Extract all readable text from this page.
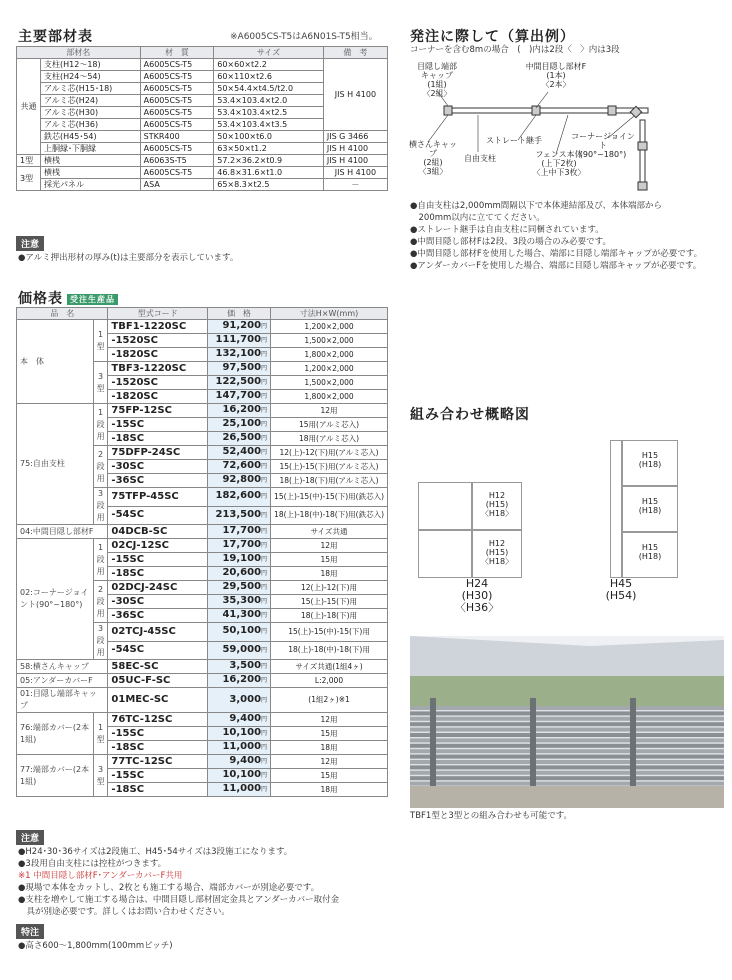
主要部材表	※A6005CS-T5はA6N01S-T5相当。
部材名		材　質	サイズ	備　考
共通	支柱(H12～18)	A6005CS-T5	60×60×t2.2	JIS H 4100
	支柱(H24～54)	A6005CS-T5	60×110×t2.6	
	アルミ芯(H15･18)	A6005CS-T5	50×54.4×t4.5/t2.0	
	アルミ芯(H24)	A6005CS-T5	53.4×103.4×t2.0	
	アルミ芯(H30)	A6005CS-T5	53.4×103.4×t2.5	
	アルミ芯(H36)	A6005CS-T5	53.4×103.4×t3.5	
	鉄芯(H45･54)	STKR400	50×100×t6.0	JIS G 3466
	上胴縁･下胴縁	A6005CS-T5	63×50×t1.2	JIS H 4100
1型	横桟	A6063S-T5	57.2×36.2×t0.9	JIS H 4100
3型	横桟	A6005CS-T5	46.8×31.6×t1.0	JIS H 4100
	採光パネル	ASA	65×8.3×t2.5	－
注意
●アルミ押出形材の厚み(t)は主要部分を表示しています。
価格表 受注生産品
品　名		型式コード	価　格	寸法H×W(mm)
本　体	1型	TBF1-1220SC	91,200円	1,200×2,000
		-1520SC	111,700円	1,500×2,000
		-1820SC	132,100円	1,800×2,000
	3型	TBF3-1220SC	97,500円	1,200×2,000
		-1520SC	122,500円	1,500×2,000
		-1820SC	147,700円	1,800×2,000
75:自由支柱	1段用	75FP-12SC	16,200円	12用
		-15SC	25,100円	15用(アルミ芯入)
		-18SC	26,500円	18用(アルミ芯入)
	2段用	75DFP-24SC	52,400円	12(上)-12(下)用(アルミ芯入)
		-30SC	72,600円	15(上)-15(下)用(アルミ芯入)
		-36SC	92,800円	18(上)-18(下)用(アルミ芯入)
	3段用	75TFP-45SC	182,600円	15(上)-15(中)-15(下)用(鉄芯入)
		-54SC	213,500円	18(上)-18(中)-18(下)用(鉄芯入)
04:中間目隠し部材F		04DCB-SC	17,700円	サイズ共通
02:コーナージョイント(90°~180°)	1段用	02CJ-12SC	17,700円	12用
		-15SC	19,100円	15用
		-18SC	20,600円	18用
	2段用	02DCJ-24SC	29,500円	12(上)-12(下)用
		-30SC	35,300円	15(上)-15(下)用
		-36SC	41,300円	18(上)-18(下)用
	3段用	02TCJ-45SC	50,100円	15(上)-15(中)-15(下)用
		-54SC	59,000円	18(上)-18(中)-18(下)用
58:横さんキャップ		58EC-SC	3,500円	サイズ共通(1組4ヶ)
05:アンダーカバーF		05UC-F-SC	16,200円	L:2,000
01:目隠し端部キャップ		01MEC-SC	3,000円	(1組2ヶ)※1
76:端部カバー(2本1組)	1型	76TC-12SC	9,400円	12用
		-15SC	10,100円	15用
		-18SC	11,000円	18用
77:端部カバー(2本1組)	3型	77TC-12SC	9,400円	12用
		-15SC	10,100円	15用
		-18SC	11,000円	18用
注意
●H24･30･36サイズは2段施工、H45･54サイズは3段施工になります。
●3段用自由支柱には控柱がつきます。
※1 中間目隠し部材F･アンダーカバーF共用
●現場で本体をカットし、2枚とも施工する場合、端部カバーが別途必要です。
●支柱を増やして施工する場合は、中間目隠し部材固定金具とアンダーカバー取付金
　具が別途必要です。詳しくはお問い合わせください。
特注
●高さ600～1,800mm(100mmピッチ)
発注に際して（算出例）
コーナーを含む8mの場合　(　)内は2段〈　〉内は3段
目隠し端部
キャップ
(1組)
〈2組〉
中間目隠し部材F
(1本)
〈2本〉
横さんキャップ
(2組)
〈3組〉
自由支柱
ストレート継手
フェンス本体
(上下2枚)
〈上中下3枚〉
コーナージョイント
(90°~180°)
●自由支柱は2,000mm間隔以下で本体連結部及び、本体端部から
　200mm以内に立ててください。
●ストレート継手は自由支柱に同梱されています。
●中間目隠し部材Fは2段、3段の場合のみ必要です。
●中間目隠し部材Fを使用した場合、端部に目隠し端部キャップが必要です。
●アンダーカバーFを使用した場合、端部に目隠し端部キャップが必要です。
組み合わせ概略図
H12
(H15)
〈H18〉
H12
(H15)
〈H18〉
H24
(H30)
〈H36〉
H15
(H18)
H15
(H18)
H15
(H18)
H45
(H54)
TBF1型と3型との組み合わせも可能です。
